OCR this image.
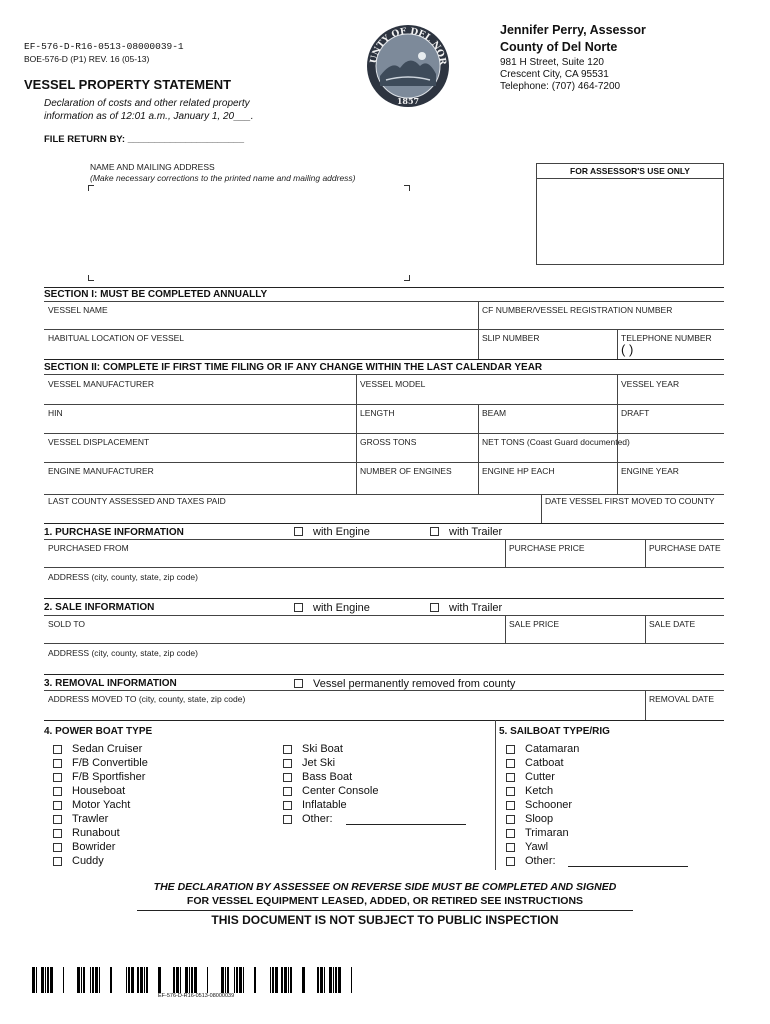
EF-576-D-R16-0513-08000039-1
BOE-576-D (P1) REV. 16 (05-13)
VESSEL PROPERTY STATEMENT
Declaration of costs and other related property
information as of 12:01 a.m., January 1, 20___.
FILE RETURN BY: ______________________
UNTY OF DEL NOR
1857
Jennifer Perry, Assessor
County of Del Norte
981 H Street, Suite 120
Crescent City, CA 95531
Telephone: (707) 464-7200
NAME AND MAILING ADDRESS
(Make necessary corrections to the printed name and mailing address)
FOR ASSESSOR'S USE ONLY
SECTION I: MUST BE COMPLETED ANNUALLY
VESSEL NAME	CF NUMBER/VESSEL REGISTRATION NUMBER
HABITUAL LOCATION OF VESSEL	SLIP NUMBER	TELEPHONE NUMBER
( )
SECTION II: COMPLETE IF FIRST TIME FILING OR IF ANY CHANGE WITHIN THE LAST CALENDAR YEAR
VESSEL MANUFACTURER	VESSEL MODEL	VESSEL YEAR
HIN	LENGTH	BEAM	DRAFT
VESSEL DISPLACEMENT	GROSS TONS	NET TONS (Coast Guard documented)
ENGINE MANUFACTURER	NUMBER OF ENGINES	ENGINE HP EACH	ENGINE YEAR
LAST COUNTY ASSESSED AND TAXES PAID	DATE VESSEL FIRST MOVED TO COUNTY
1. PURCHASE INFORMATION	with Engine	with Trailer
PURCHASED FROM	PURCHASE PRICE	PURCHASE DATE
ADDRESS (city, county, state, zip code)
2. SALE INFORMATION	with Engine	with Trailer
SOLD TO	SALE PRICE	SALE DATE
ADDRESS (city, county, state, zip code)
3. REMOVAL INFORMATION	Vessel permanently removed from county
ADDRESS MOVED TO (city, county, state, zip code)	REMOVAL DATE
4. POWER BOAT TYPE	5. SAILBOAT TYPE/RIG
Sedan Cruiser
F/B Convertible
F/B Sportfisher
Houseboat
Motor Yacht
Trawler
Runabout
Bowrider
Cuddy
Ski Boat
Jet Ski
Bass Boat
Center Console
Inflatable
Other:
Catamaran
Catboat
Cutter
Ketch
Schooner
Sloop
Trimaran
Yawl
Other:
THE DECLARATION BY ASSESSEE ON REVERSE SIDE MUST BE COMPLETED AND SIGNED
FOR VESSEL EQUIPMENT LEASED, ADDED, OR RETIRED SEE INSTRUCTIONS
THIS DOCUMENT IS NOT SUBJECT TO PUBLIC INSPECTION
EF-576-D-R16-0513-08000039
